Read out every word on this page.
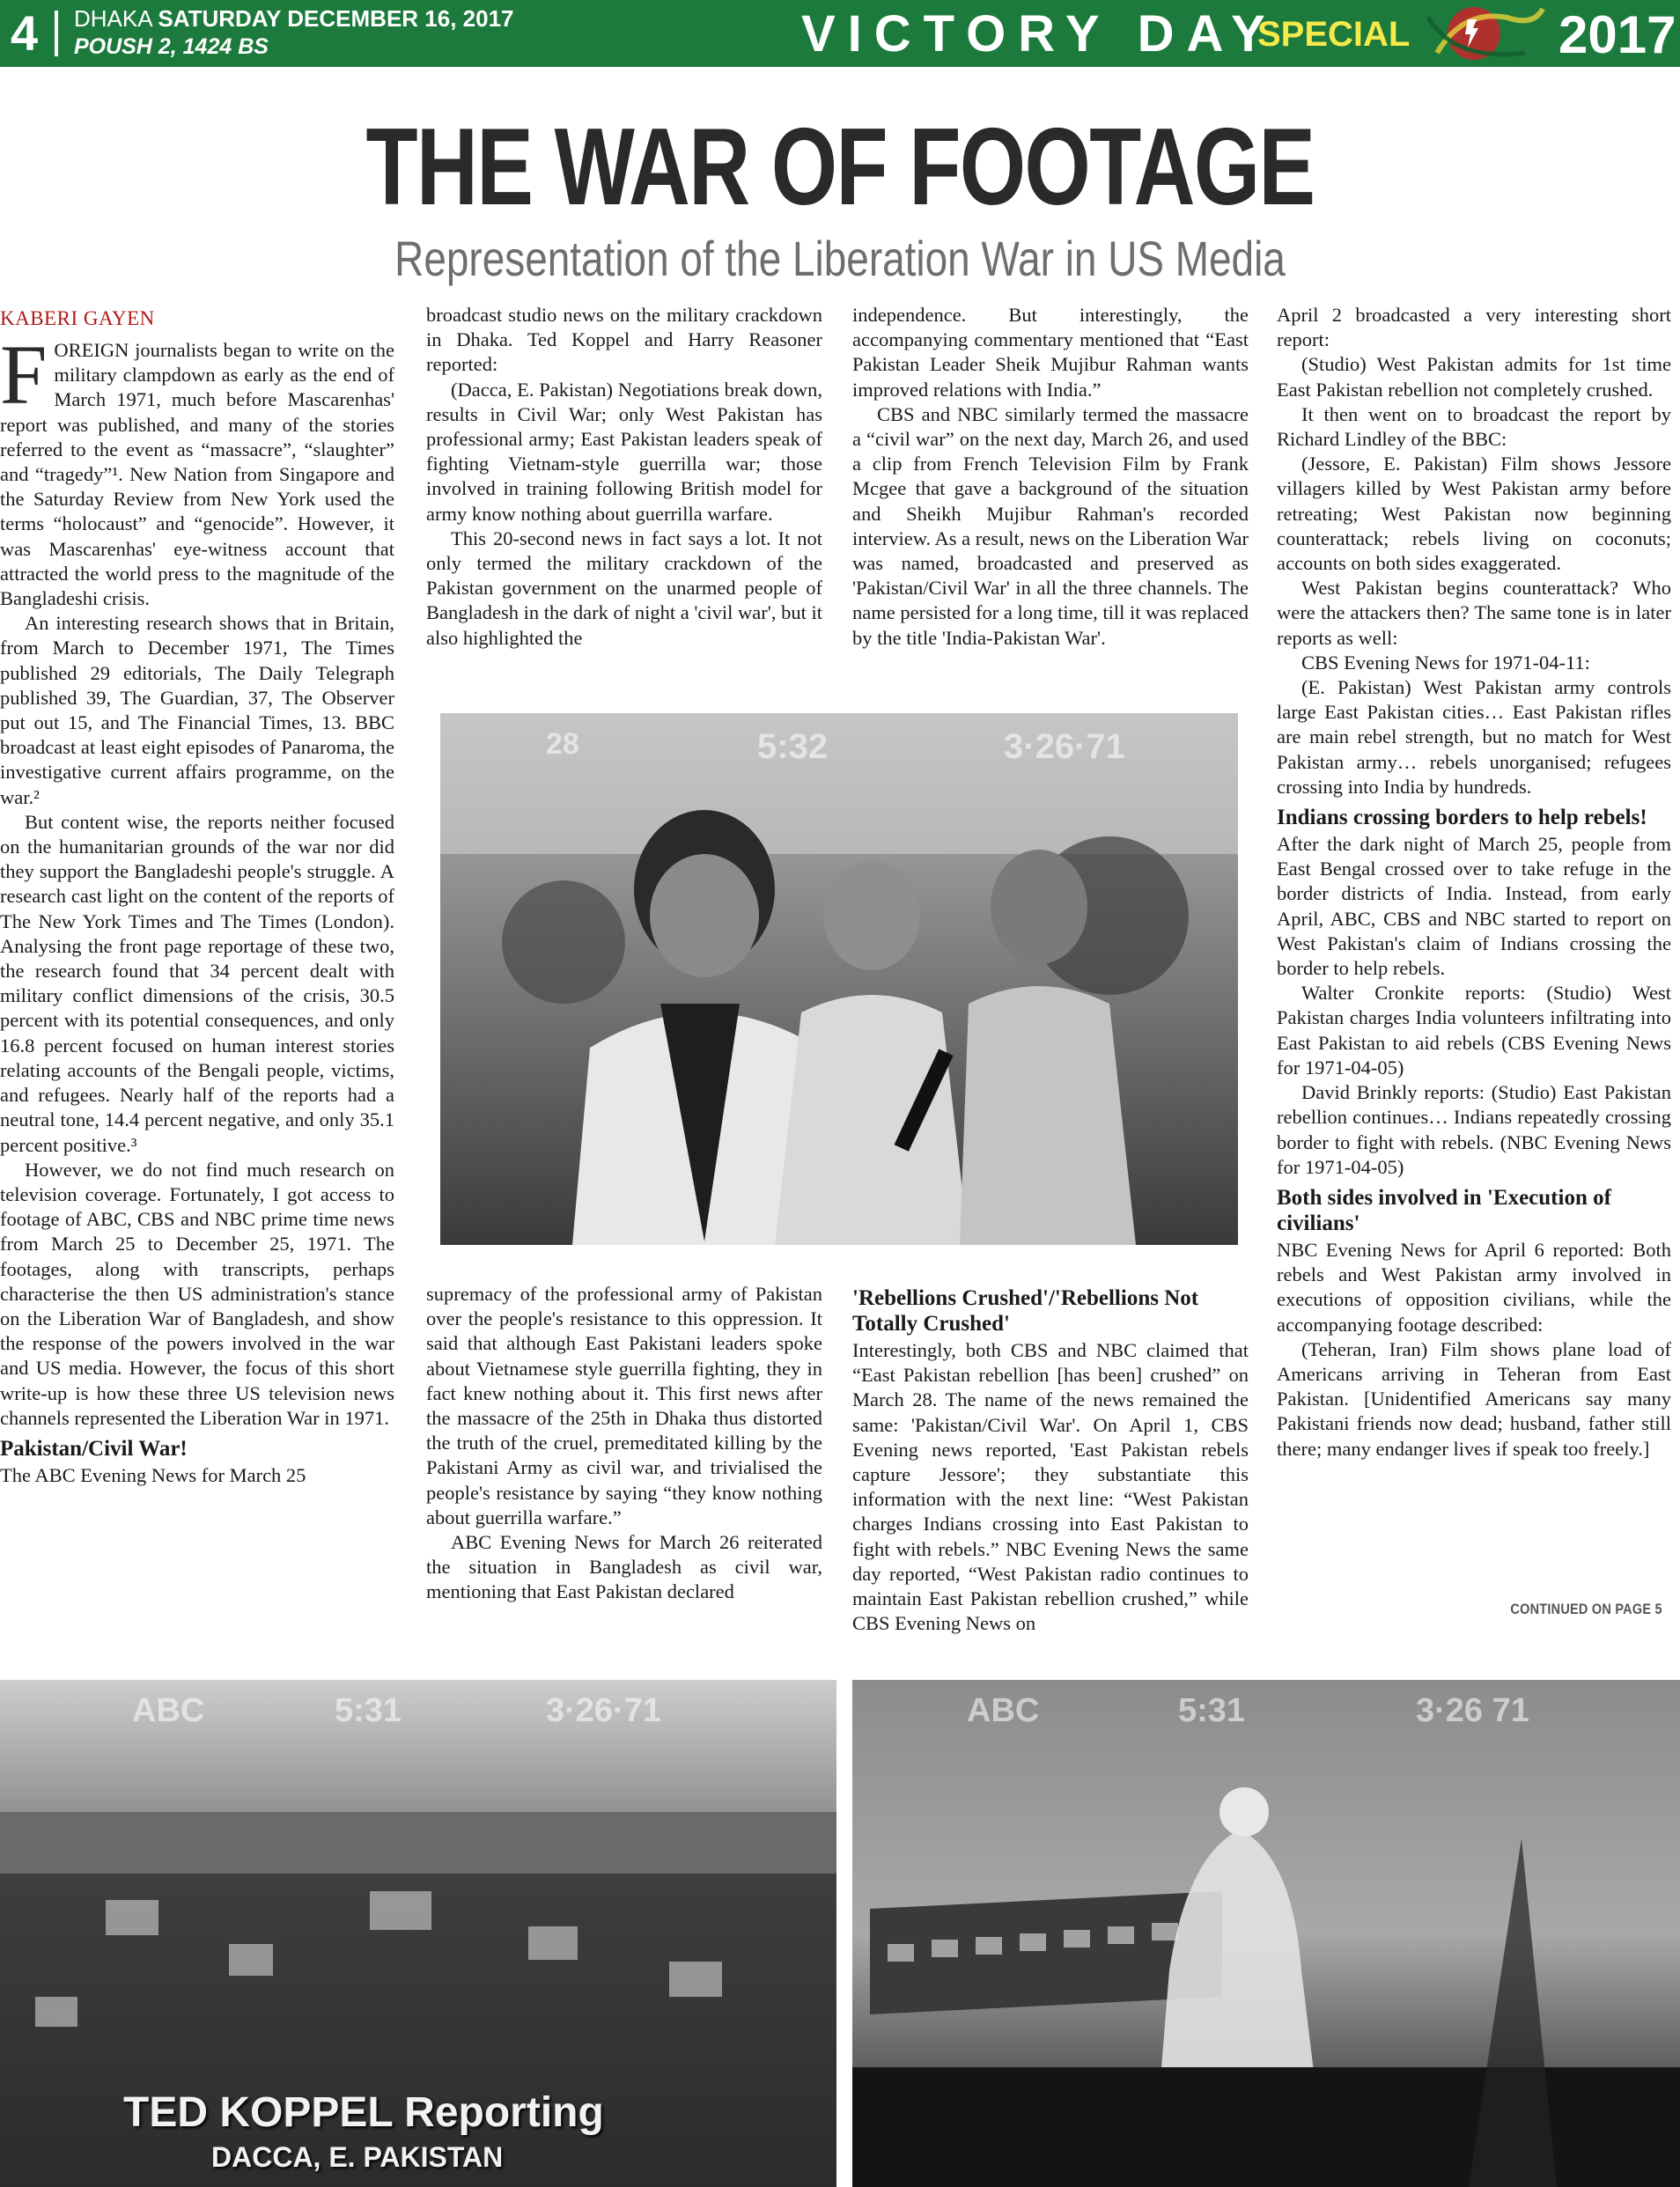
4 DHAKA SATURDAY DECEMBER 16, 2017
POUSH 2, 1424 BS	VICTORY DAY
SPECIAL	2017
THE WAR OF FOOTAGE
Representation of the Liberation War in US Media
KABERI GAYEN
F OREIGN journalists began to write on the military clampdown as early as the end of March 1971, much before Mascarenhas' report was published, and many of the stories referred to the event as “massacre”, “slaughter” and “tragedy”¹. New Nation from Singapore and the Saturday Review from New York used the terms “holocaust” and “genocide”. However, it was Mascarenhas' eye-witness account that attracted the world press to the magnitude of the Bangladeshi crisis.

An interesting research shows that in Britain, from March to December 1971, The Times published 29 editorials, The Daily Telegraph published 39, The Guardian, 37, The Observer put out 15, and The Financial Times, 13. BBC broadcast at least eight episodes of Panaroma, the investigative current affairs programme, on the war.²

But content wise, the reports neither focused on the humanitarian grounds of the war nor did they support the Bangladeshi people's struggle. A research cast light on the content of the reports of The New York Times and The Times (London). Analysing the front page reportage of these two, the research found that 34 percent dealt with military conflict dimensions of the crisis, 30.5 percent with its potential consequences, and only 16.8 percent focused on human interest stories relating accounts of the Bengali people, victims, and refugees. Nearly half of the reports had a neutral tone, 14.4 percent negative, and only 35.1 percent positive.³

However, we do not find much research on television coverage. Fortunately, I got access to footage of ABC, CBS and NBC prime time news from March 25 to December 25, 1971. The footages, along with transcripts, perhaps characterise the then US administration's stance on the Liberation War of Bangladesh, and show the response of the powers involved in the war and US media. However, the focus of this short write-up is how these three US television news channels represented the Liberation War in 1971.

Pakistan/Civil War!

The ABC Evening News for March 25

broadcast studio news on the military crackdown in Dhaka. Ted Koppel and Harry Reasoner reported:

(Dacca, E. Pakistan) Negotiations break down, results in Civil War; only West Pakistan has professional army; East Pakistan leaders speak of fighting Vietnam-style guerrilla war; those involved in training following British model for army know nothing about guerrilla warfare.

This 20-second news in fact says a lot. It not only termed the military crackdown of the Pakistan government on the unarmed people of Bangladesh in the dark of night a 'civil war', but it also highlighted the

independence. But interestingly, the accompanying commentary mentioned that “East Pakistan Leader Sheik Mujibur Rahman wants improved relations with India.”

CBS and NBC similarly termed the massacre a “civil war” on the next day, March 26, and used a clip from French Television Film by Frank Mcgee that gave a background of the situation and Sheikh Mujibur Rahman's recorded interview. As a result, news on the Liberation War was named, broadcasted and preserved as 'Pakistan/Civil War' in all the three channels. The name persisted for a long time, till it was replaced by the title 'India-Pakistan War'.

April 2 broadcasted a very interesting short report:

(Studio) West Pakistan admits for 1st time East Pakistan rebellion not completely crushed.

It then went on to broadcast the report by Richard Lindley of the BBC:

(Jessore, E. Pakistan) Film shows Jessore villagers killed by West Pakistan army before retreating; West Pakistan now beginning counterattack; rebels living on coconuts; accounts on both sides exaggerated.

West Pakistan begins counterattack? Who were the attackers then? The same tone is in later reports as well:

CBS Evening News for 1971-04-11:

(E. Pakistan) West Pakistan army controls large East Pakistan cities… East Pakistan rifles are main rebel strength, but no match for West Pakistan army… rebels unorganised; refugees crossing into India by hundreds.

Indians crossing borders to help rebels!

After the dark night of March 25, people from East Bengal crossed over to take refuge in the border districts of India. Instead, from early April, ABC, CBS and NBC started to report on West Pakistan's claim of Indians crossing the border to help rebels.

Walter Cronkite reports: (Studio) West Pakistan charges India volunteers infiltrating into East Pakistan to aid rebels (CBS Evening News for 1971-04-05)

David Brinkly reports: (Studio) East Pakistan rebellion continues… Indians repeatedly crossing border to fight with rebels. (NBC Evening News for 1971-04-05)

Both sides involved in 'Execution of civilians'

NBC Evening News for April 6 reported: Both rebels and West Pakistan army involved in executions of opposition civilians, while the accompanying footage described:

(Teheran, Iran) Film shows plane load of Americans arriving in Teheran from East Pakistan. [Unidentified Americans say many Pakistani friends now dead; husband, father still there; many endanger lives if speak too freely.]

28	5:32	3·26·71

supremacy of the professional army of Pakistan over the people's resistance to this oppression. It said that although East Pakistani leaders spoke about Vietnamese style guerrilla fighting, they in fact knew nothing about it. This first news after the massacre of the 25th in Dhaka thus distorted the truth of the cruel, premeditated killing by the Pakistani Army as civil war, and trivialised the people's resistance by saying “they know nothing about guerrilla warfare.”

ABC Evening News for March 26 reiterated the situation in Bangladesh as civil war, mentioning that East Pakistan declared

'Rebellions Crushed'/'Rebellions Not Totally Crushed'

Interestingly, both CBS and NBC claimed that “East Pakistan rebellion [has been] crushed” on March 28. The name of the news remained the same: 'Pakistan/Civil War'. On April 1, CBS Evening news reported, 'East Pakistan rebels capture Jessore'; they substantiate this information with the next line: “West Pakistan charges Indians crossing into East Pakistan to fight with rebels.” NBC Evening News the same day reported, “West Pakistan radio continues to maintain East Pakistan rebellion crushed,” while CBS Evening News on

CONTINUED ON PAGE 5
ABC	5:31	3·26·71
TED KOPPEL Reporting
DACCA, E. PAKISTAN
ABC	5:31	3·26 71
